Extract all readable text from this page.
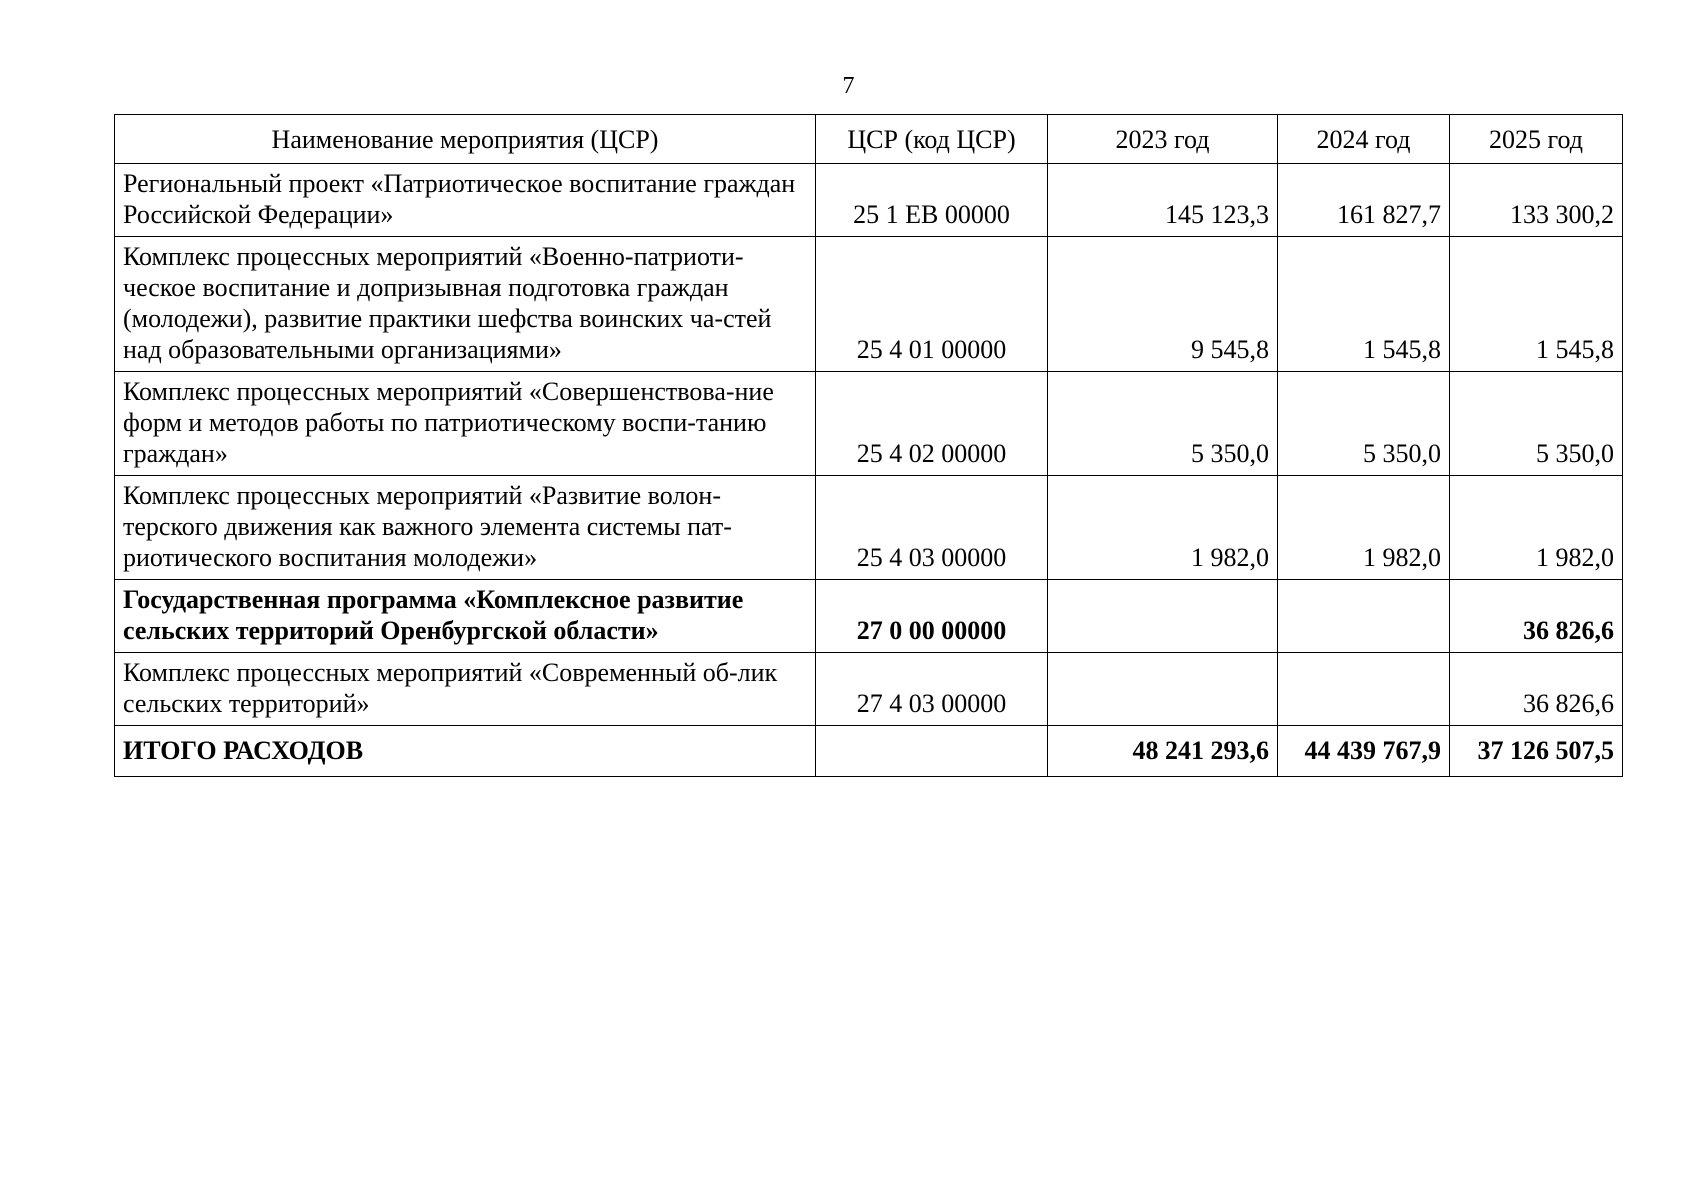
7
Наименование мероприятия (ЦСР)	ЦСР (код ЦСР)	2023 год	2024 год	2025 год
Региональный проект «Патриотическое воспитание граждан Российской Федерации»	25 1 ЕВ 00000	145 123,3	161 827,7	133 300,2
Комплекс процессных мероприятий «Военно-патриоти-ческое воспитание и допризывная подготовка граждан (молодежи), развитие практики шефства воинских ча-стей над образовательными организациями»	25 4 01 00000	9 545,8	1 545,8	1 545,8
Комплекс процессных мероприятий «Совершенствова-ние форм и методов работы по патриотическому воспи-танию граждан»	25 4 02 00000	5 350,0	5 350,0	5 350,0
Комплекс процессных мероприятий «Развитие волон-терского движения как важного элемента системы пат-риотического воспитания молодежи»	25 4 03 00000	1 982,0	1 982,0	1 982,0
Государственная программа «Комплексное развитие сельских территорий Оренбургской области»	27 0 00 00000			36 826,6
Комплекс процессных мероприятий «Современный об-лик сельских территорий»	27 4 03 00000			36 826,6
ИТОГО РАСХОДОВ		48 241 293,6	44 439 767,9	37 126 507,5
